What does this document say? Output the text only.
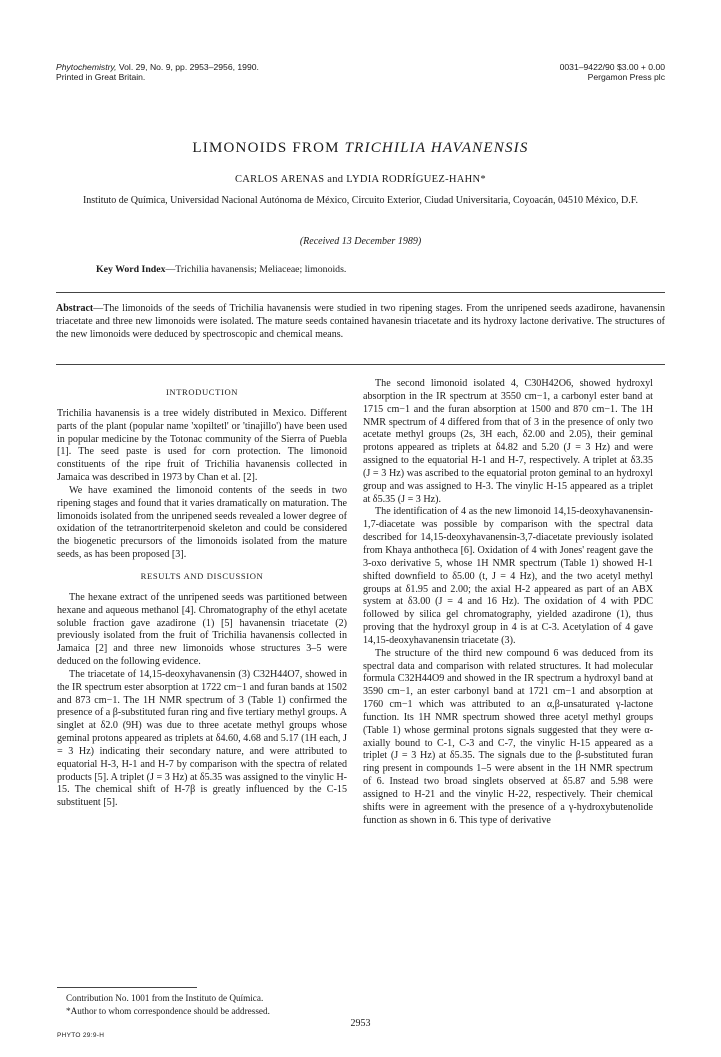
Phytochemistry, Vol. 29, No. 9, pp. 2953–2956, 1990.
Printed in Great Britain.
0031–9422/90 $3.00 + 0.00
Pergamon Press plc
LIMONOIDS FROM TRICHILIA HAVANENSIS
CARLOS ARENAS and LYDIA RODRÍGUEZ-HAHN*
Instituto de Química, Universidad Nacional Autónoma de México, Circuito Exterior, Ciudad Universitaria, Coyoacán, 04510 México, D.F.
(Received 13 December 1989)
Key Word Index—Trichilia havanensis; Meliaceae; limonoids.
Abstract—The limonoids of the seeds of Trichilia havanensis were studied in two ripening stages. From the unripened seeds azadirone, havanensin triacetate and three new limonoids were isolated. The mature seeds contained havanesin triacetate and its hydroxy lactone derivative. The structures of the new limonoids were deduced by spectroscopic and chemical means.
INTRODUCTION

Trichilia havanensis is a tree widely distributed in Mexico. Different parts of the plant (popular name 'xopiltetl' or 'tinajillo') have been used in popular medicine by the Totonac community of the Sierra of Puebla [1]. The seed paste is used for corn protection. The limonoid constituents of the ripe fruit of Trichilia havanensis collected in Jamaica was described in 1973 by Chan et al. [2].

We have examined the limonoid contents of the seeds in two ripening stages and found that it varies dramatically on maturation. The limonoids isolated from the unripened seeds revealed a lower degree of oxidation of the tetranortriterpenoid skeleton and could be considered the biogenetic precursors of the limonoids isolated from the mature seeds, as has been proposed [3].

RESULTS AND DISCUSSION

The hexane extract of the unripened seeds was partitioned between hexane and aqueous methanol [4]. Chromatography of the ethyl acetate soluble fraction gave azadirone (1) [5] havanensin triacetate (2) previously isolated from the fruit of Trichilia havanensis collected in Jamaica [2] and three new limonoids whose structures 3–5 were deduced on the following evidence.

The triacetate of 14,15-deoxyhavanensin (3) C32H44O7, showed in the IR spectrum ester absorption at 1722 cm−1 and furan bands at 1502 and 873 cm−1. The 1H NMR spectrum of 3 (Table 1) confirmed the presence of a β-substituted furan ring and five tertiary methyl groups. A singlet at δ2.0 (9H) was due to three acetate methyl groups whose geminal protons appeared as triplets at δ4.60, 4.68 and 5.17 (1H each, J = 3 Hz) indicating their secondary nature, and were attributed to equatorial H-3, H-1 and H-7 by comparison with the spectra of related products [5]. A triplet (J = 3 Hz) at δ5.35 was assigned to the vinylic H-15. The chemical shift of H-7β is greatly influenced by the C-15 substituent [5].

The second limonoid isolated 4, C30H42O6, showed hydroxyl absorption in the IR spectrum at 3550 cm−1, a carbonyl ester band at 1715 cm−1 and the furan absorption at 1500 and 870 cm−1. The 1H NMR spectrum of 4 differed from that of 3 in the presence of only two acetate methyl groups (2s, 3H each, δ2.00 and 2.05), their geminal protons appeared as triplets at δ4.82 and 5.20 (J = 3 Hz) and were assigned to the equatorial H-1 and H-7, respectively. A triplet at δ3.35 (J = 3 Hz) was ascribed to the equatorial proton geminal to an hydroxyl group and was assigned to H-3. The vinylic H-15 appeared as a triplet at δ5.35 (J = 3 Hz).

The identification of 4 as the new limonoid 14,15-deoxyhavanensin-1,7-diacetate was possible by comparison with the spectral data described for 14,15-deoxyhavanensin-3,7-diacetate previously isolated from Khaya anthotheca [6]. Oxidation of 4 with Jones' reagent gave the 3-oxo derivative 5, whose 1H NMR spectrum (Table 1) showed H-1 shifted downfield to δ5.00 (t, J = 4 Hz), and the two acetyl methyl groups at δ1.95 and 2.00; the axial H-2 appeared as part of an ABX system at δ3.00 (J = 4 and 16 Hz). The oxidation of 4 with PDC followed by silica gel chromatography, yielded azadirone (1), thus proving that the hydroxyl group in 4 is at C-3. Acetylation of 4 gave 14,15-deoxyhavanensin triacetate (3).

The structure of the third new compound 6 was deduced from its spectral data and comparison with related structures. It had molecular formula C32H44O9 and showed in the IR spectrum a hydroxyl band at 3590 cm−1, an ester carbonyl band at 1721 cm−1 and absorption at 1760 cm−1 which was attributed to an α,β-unsaturated γ-lactone function. Its 1H NMR spectrum showed three acetyl methyl groups (Table 1) whose germinal protons signals suggested that they were α-axially bound to C-1, C-3 and C-7, the vinylic H-15 appeared as a triplet (J = 3 Hz) at δ5.35. The signals due to the β-substituted furan ring present in compounds 1–5 were absent in the 1H NMR spectrum of 6. Instead two broad singlets observed at δ5.87 and 5.98 were assigned to H-21 and the vinylic H-22, respectively. Their chemical shifts were in agreement with the presence of a γ-hydroxybutenolide function as shown in 6. This type of derivative

Contribution No. 1001 from the Instituto de Química.
*Author to whom correspondence should be addressed.
PHYTO 29:9-H
2953
